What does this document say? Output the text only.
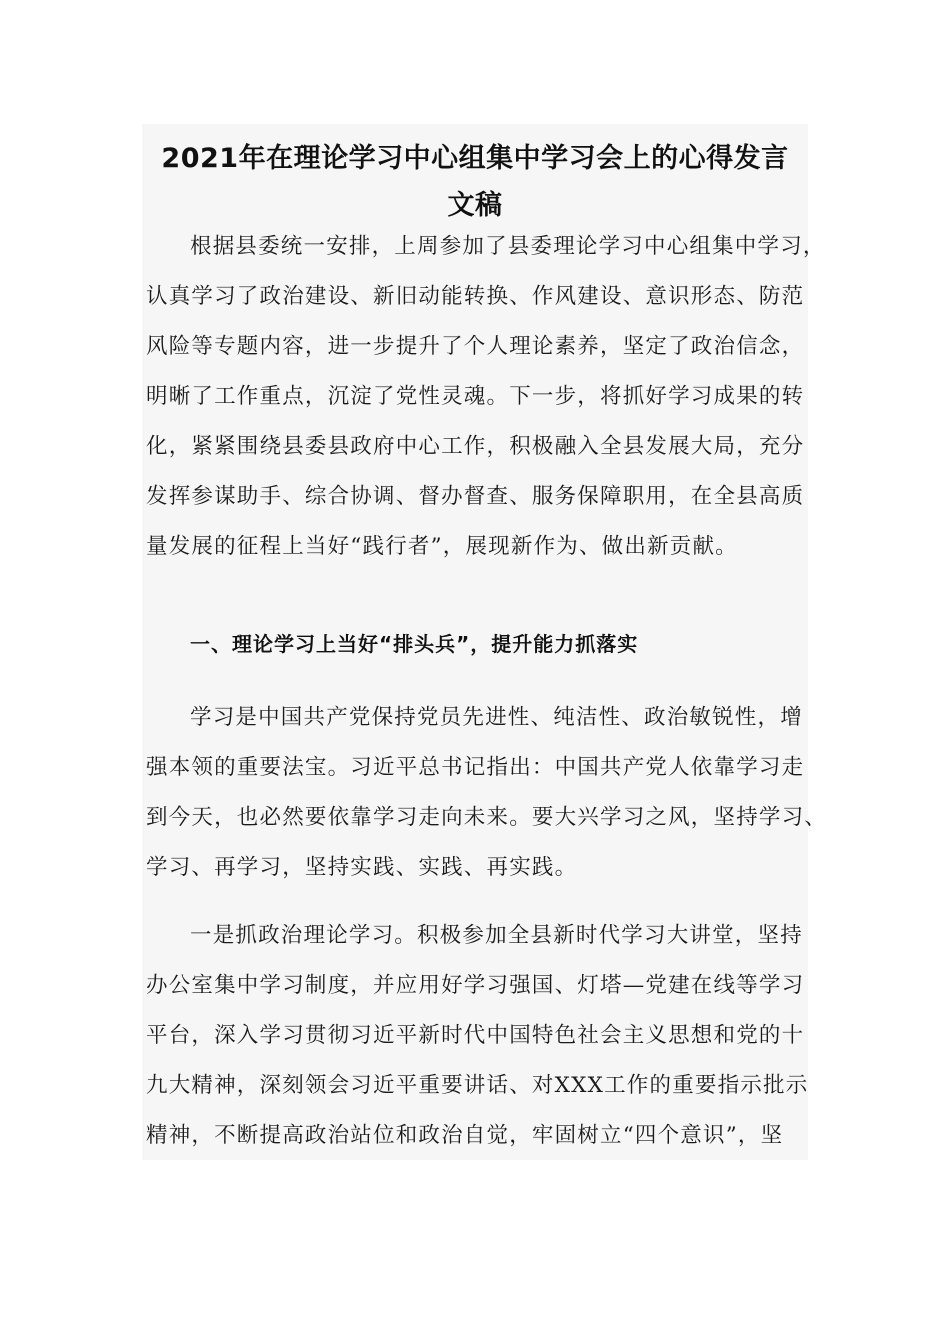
2021年在理论学习中心组集中学习会上的心得发言
文稿
根据县委统一安排，上周参加了县委理论学习中心组集中学习，
认真学习了政治建设、新旧动能转换、作风建设、意识形态、防范
风险等专题内容，进一步提升了个人理论素养，坚定了政治信念，
明晰了工作重点，沉淀了党性灵魂。下一步，将抓好学习成果的转
化，紧紧围绕县委县政府中心工作，积极融入全县发展大局，充分
发挥参谋助手、综合协调、督办督查、服务保障职用，在全县高质
量发展的征程上当好“践行者”，展现新作为、做出新贡献。
一、理论学习上当好“排头兵”，提升能力抓落实
学习是中国共产党保持党员先进性、纯洁性、政治敏锐性，增
强本领的重要法宝。习近平总书记指出：中国共产党人依靠学习走
到今天，也必然要依靠学习走向未来。要大兴学习之风，坚持学习、
学习、再学习，坚持实践、实践、再实践。
一是抓政治理论学习。积极参加全县新时代学习大讲堂，坚持
办公室集中学习制度，并应用好学习强国、灯塔—党建在线等学习
平台，深入学习贯彻习近平新时代中国特色社会主义思想和党的十
九大精神，深刻领会习近平重要讲话、对XXX工作的重要指示批示
精神，不断提高政治站位和政治自觉，牢固树立“四个意识”，坚
